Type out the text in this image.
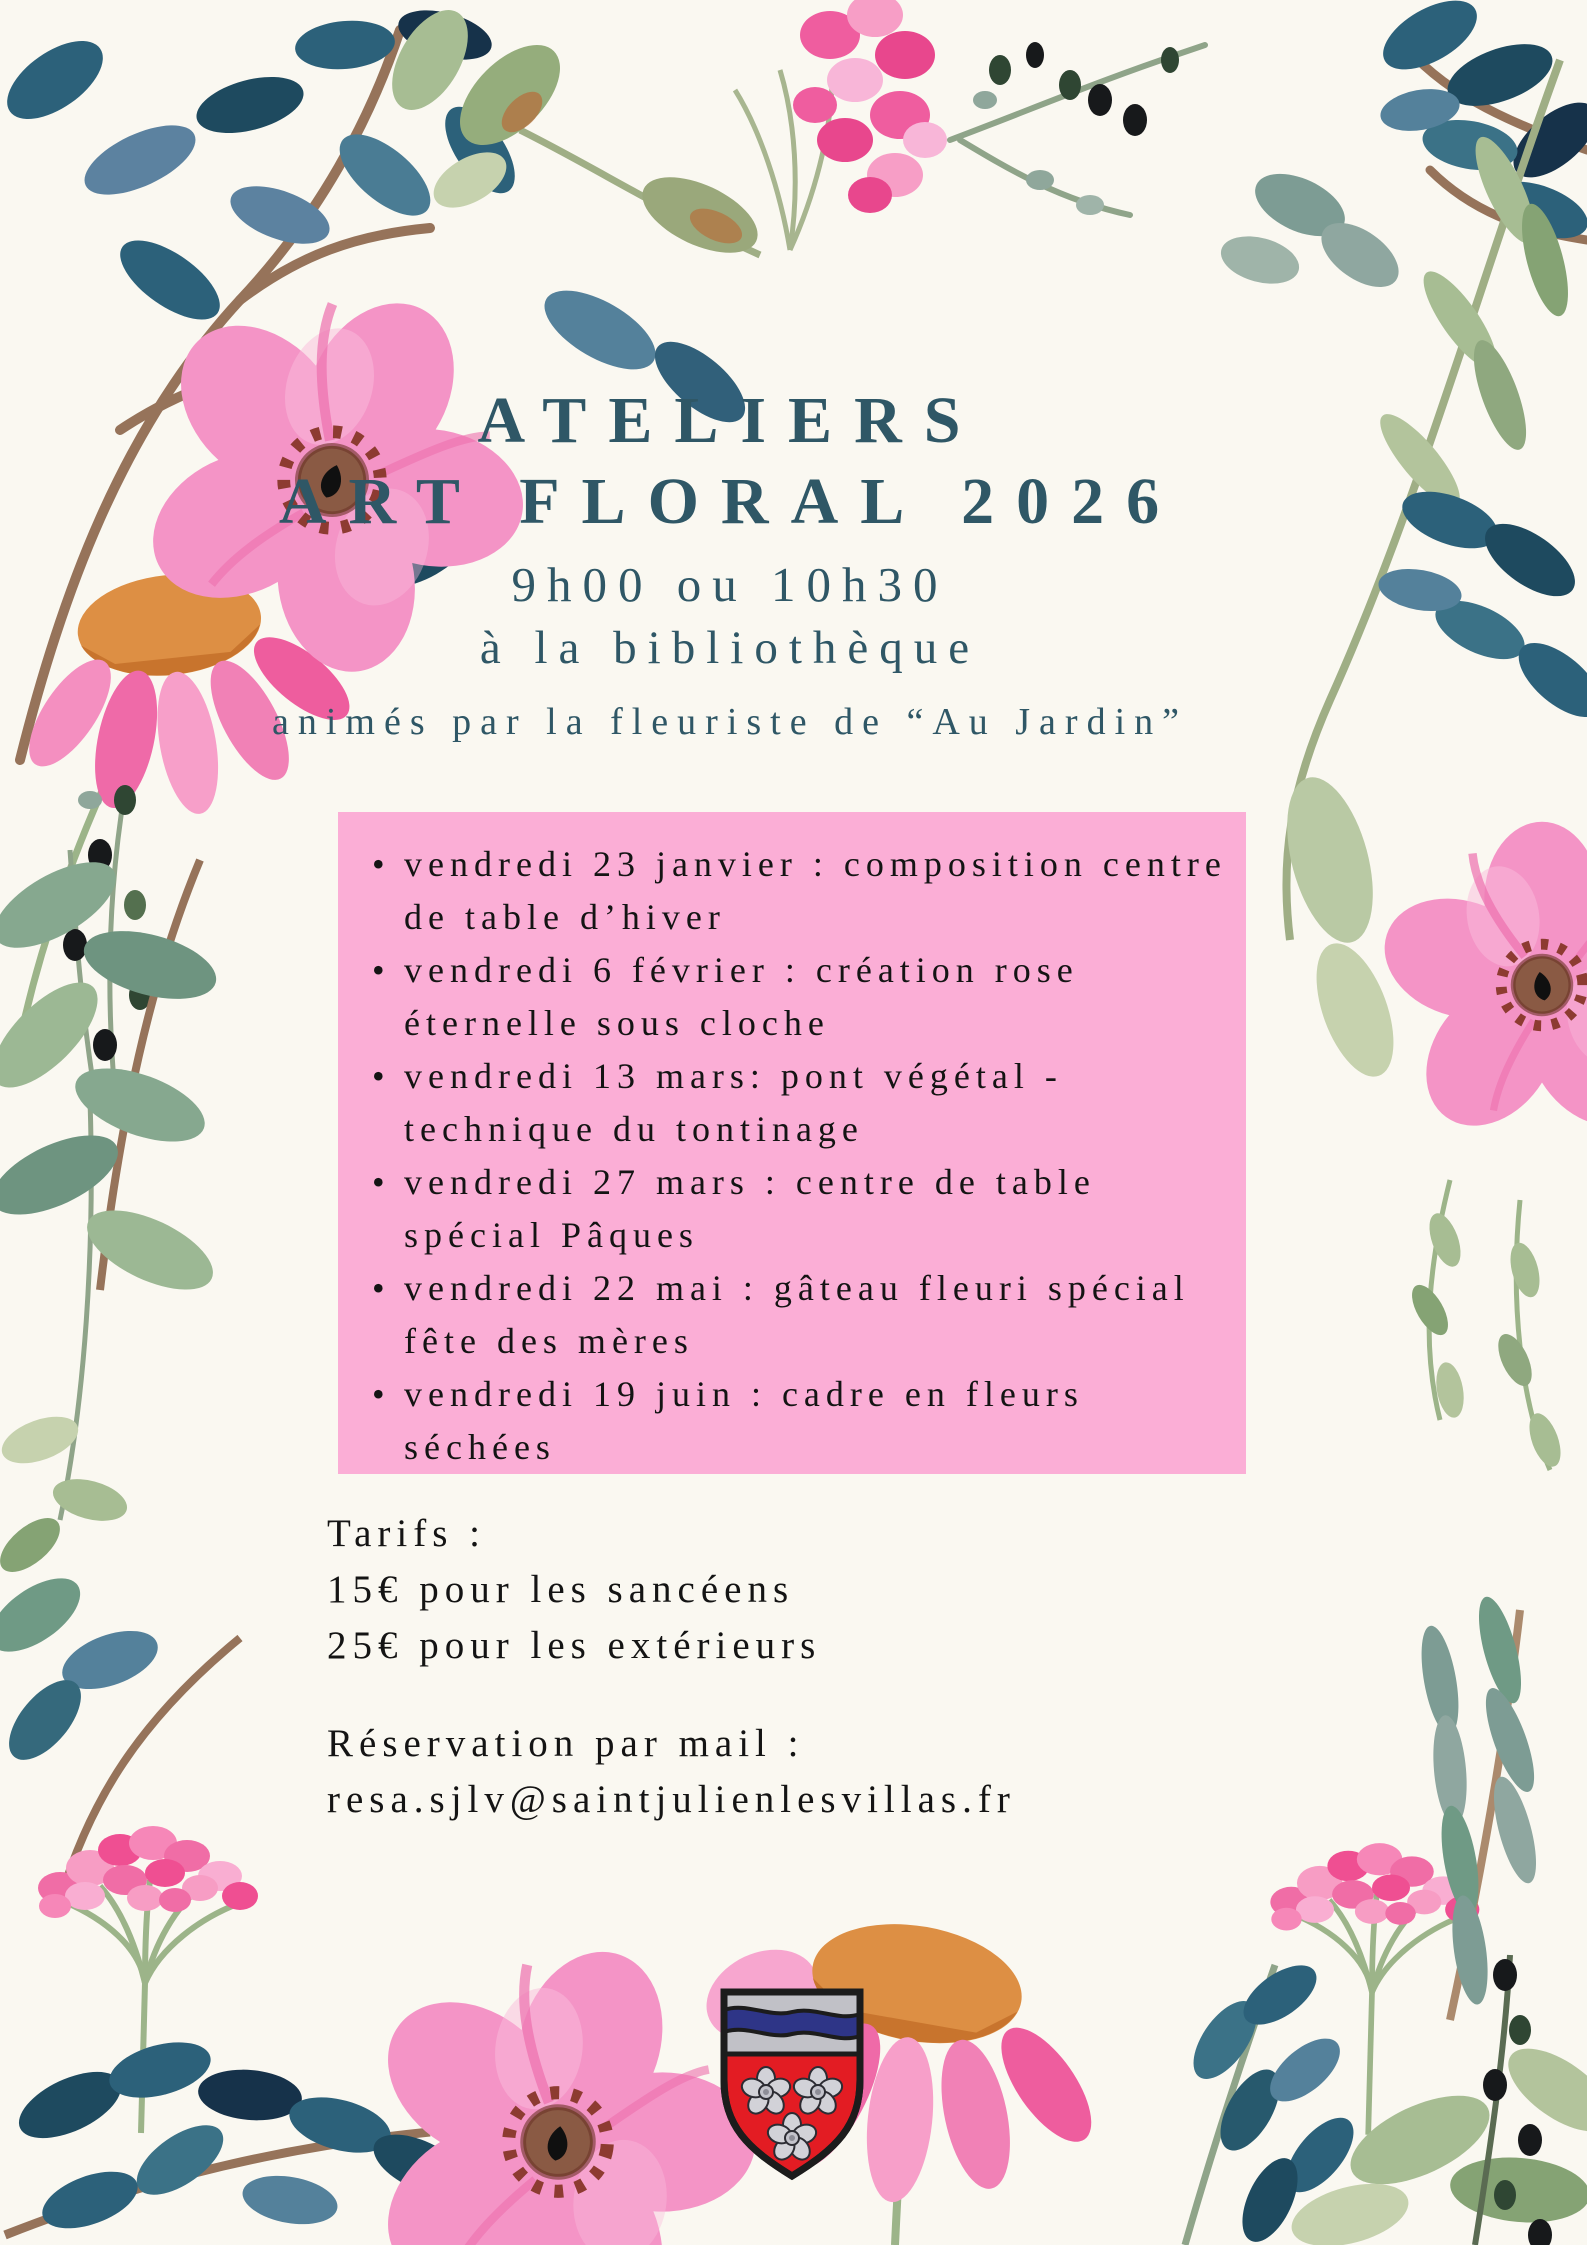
ATELIERS
ART FLORAL 2026
9h00 ou 10h30
à la bibliothèque
animés par la fleuriste de “Au Jardin”
• vendredi 23 janvier : composition centre de table d’hiver
• vendredi 6 février : création rose éternelle sous cloche
• vendredi 13 mars: pont végétal - technique du tontinage
• vendredi 27 mars : centre de table spécial Pâques
• vendredi 22 mai : gâteau fleuri spécial fête des mères
• vendredi 19 juin : cadre en fleurs séchées
Tarifs :
15€ pour les sancéens
25€ pour les extérieurs
Réservation par mail :
resa.sjlv@saintjulienlesvillas.fr
